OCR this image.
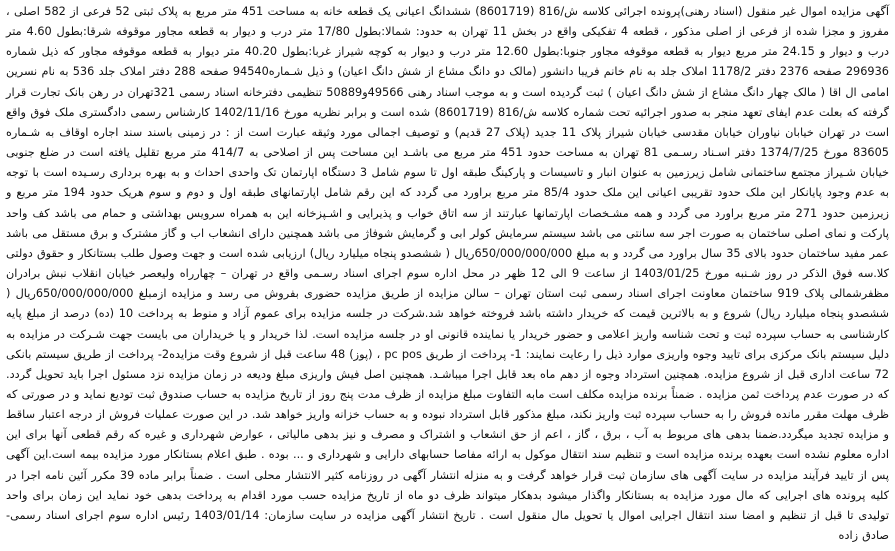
آگهی مزایده اموال غیر منقول (اسناد رهنی)پرونده اجرائی کلاسه ش/816 (8601719) ششدانگ اعیانی یک قطعه خانه به مساحت 451 متر مربع به پلاک ثبتی 52 فرعی از 582 اصلی ، مفروز و مجزا شده از فرعی از اصلی مذکور ، قطعه 4 تفکیکی واقع در بخش 11 تهران به حدود: شمالا:بطول 17/80 متر درب و دیوار به قطعه مجاور موقوفه شرقا:بطول 4.60 متر درب و دیوار و 24.15 متر مربع دیوار به قطعه موقوفه مجاور جنوبا:بطول 12.60 متر درب و دیوار به کوچه شیراز غربا:بطول 40.20 متر دیوار به قطعه موقوفه مجاور که ذیل شماره 296936 صفحه 2376 دفتر 1178/2 املاک جلد به نام خانم فریبا دانشور (مالک دو دانگ مشاع از شش دانگ اعیان) و ذیل شـماره94540 صفحه 288 دفتر املاک جلد 536 به نام نسرین امامی ال اقا ( مالک چهار دانگ مشاع از شش دانگ اعیان ) ثبت گردیده است و به موجب اسناد رهنی 49566و50889 تنظیمی دفترخانه اسناد رسمی 321تهران در رهن بانک تجارت قرار گرفته که بعلت عدم ایفای تعهد منجر به صدور اجرائیه تحت شماره کلاسه ش/816 (8601719) شده است و برابر نظریه مورخ 1402/11/16 کارشناس رسمی دادگستری ملک فوق واقع است در تهران خیابان نیاوران خیابان مقدسی خیابان شیراز پلاک 11 جدید (پلاک 27 قدیم) و توصیف اجمالی مورد وثیقه عبارت است از : در زمینی باسند سند اجاره اوقاف به شـماره 83605 مورخ 1374/7/25 دفتر اسـناد رسـمی 81 تهران به مساحت حدود 451 متر مربع می باشـد این مساحت پس از اصلاحی به 414/7 متر مربع تقلیل یافته است در ضلع جنوبی خیابان شـیراز مجتمع ساختمانی شامل زیرزمین به عنوان انبار و تاسیسات و پارکینگ طبقه اول تا سوم شامل 3 دستگاه اپارتمان تک واحدی احداث و به بهره برداری رسـیده است با توجه به عدم وجود پایانکار این ملک حدود تقریبی اعیانی این ملک حدود 85/4 متر مربع براورد می گردد که این رقم شامل اپارتمانهای طبقه اول و دوم و سوم هریک حدود 194 متر مربع و زیرزمین حدود 271 متر مربع براورد می گردد و همه مشـخصات اپارتمانها عبارتند از سه اتاق خواب و پذیرایی و اشـپزخانه این به همراه سرویس بهداشتی و حمام می باشد کف واحد پارکت و نمای اصلی ساختمان به صورت اجر سه سانتی می باشد سیستم سرمایش کولر ابی و گرمایش شوفاژ می باشد همچنین دارای انشعاب اب و گاز مشترک و برق مستقل می باشد عمر مفید ساختمان حدود بالای 35 سال براورد می گردد و به مبلغ 650/000/000/000ریال ( ششصدو پنجاه میلیارد ریال) ارزیابی شده است و جهت وصول طلب بستانکار و حقوق دولتی کلا.سه فوق الذکر در روز شـنبه مورخ 1403/01/25 از ساعت 9 الی 12 ظهر در محل اداره سوم اجرای اسناد رسـمی واقع در تهران – چهارراه ولیعصر خیابان انقلاب نبش برادران مظفرشمالی پلاک 919 ساختمان معاونت اجرای اسناد رسمی ثبت استان تهران – سالن مزایده از طریق مزایده حضوری بفروش می رسد و مزایده ازمبلغ 650/000/000/000ریال ( ششصدو پنجاه میلیارد ریال) شروع و به بالاترین قیمت که خریدار داشته باشد فروخته خواهد شد.شرکت در جلسه مزایده برای عموم آزاد و منوط به پرداخت 10 (ده) درصد از مبلغ پایه کارشناسی به حساب سپرده ثبت و تحت شناسه واریز اعلامی و حضور خریدار یا نماینده قانونی او در جلسه مزایده است. لذا خریدار و یا خریداران می بایست جهت شـرکت در مزایده به دلیل سیستم بانک مرکزی برای تایید وجوه واریزی موارد ذیل را رعایت نمایند: 1- پرداخت از طریق pc pos ، (پوز) 48 ساعت قبل از شروع وقت مزایده2- پرداخت از طریق سیستم بانکی 72 ساعت اداری قبل از شروع مزایده. همچنین استرداد وجوه از دهم ماه بعد قابل اجرا میباشـد. همچنین اصل فیش واریزی مبلغ ودیعه در زمان مزایده نزد مسئول اجرا باید تحویل گردد. که در صورت عدم پرداخت ثمن مزایده . ضمناً برنده مزایده مکلف است مابه التفاوت مبلغ مزایده از ظرف مدت پنج روز از تاریخ مزایده به حساب صندوق ثبت تودیع نماید و در صورتی که ظرف مهلت مقرر مانده فروش را به حساب سپرده ثبت واریز نکند، مبلغ مذکور قابل استرداد نبوده و به حساب خزانه واریز خواهد شد. در این صورت عملیات فروش از درجه اعتبار ساقط و مزایده تجدید میگردد.ضمنا بدهی های مربوط به آب ، برق ، گاز ، اعم از حق انشعاب و اشتراک و مصرف و نیز بدهی مالیاتی ، عوارض شهرداری و غیره که رقم قطعی آنها برای این اداره معلوم نشده است بعهده برنده مزایده است و تنظیم سند انتقال موکول به ارائه مفاصا حسابهای دارایی و شهرداری و ... بوده . طبق اعلام بستانکار مورد مزایده بیمه است.این آگهی پس از تایید فرآیند مزایده در سایت آگهی های سازمان ثبت قرار خواهد گرفت و به منزله انتشار آگهی در روزنامه کثیر الانتشار محلی است . ضمناً برابر ماده 39 مکرر آئین نامه اجرا در کلیه پرونده های اجرایی که مال مورد مزایده به بستانکار واگذار میشود بدهکار میتواند ظرف دو ماه از تاریخ مزایده حسب مورد اقدام به پرداخت بدهی خود نماید این زمان برای واحد تولیدی تا قبل از تنظیم و امضا سند انتقال اجرایی اموال یا تحویل مال منقول است . تاریخ انتشار آگهی مزایده در سایت سازمان: 1403/01/14 رئیس اداره سوم اجرای اسناد رسمی- صادق زاده
